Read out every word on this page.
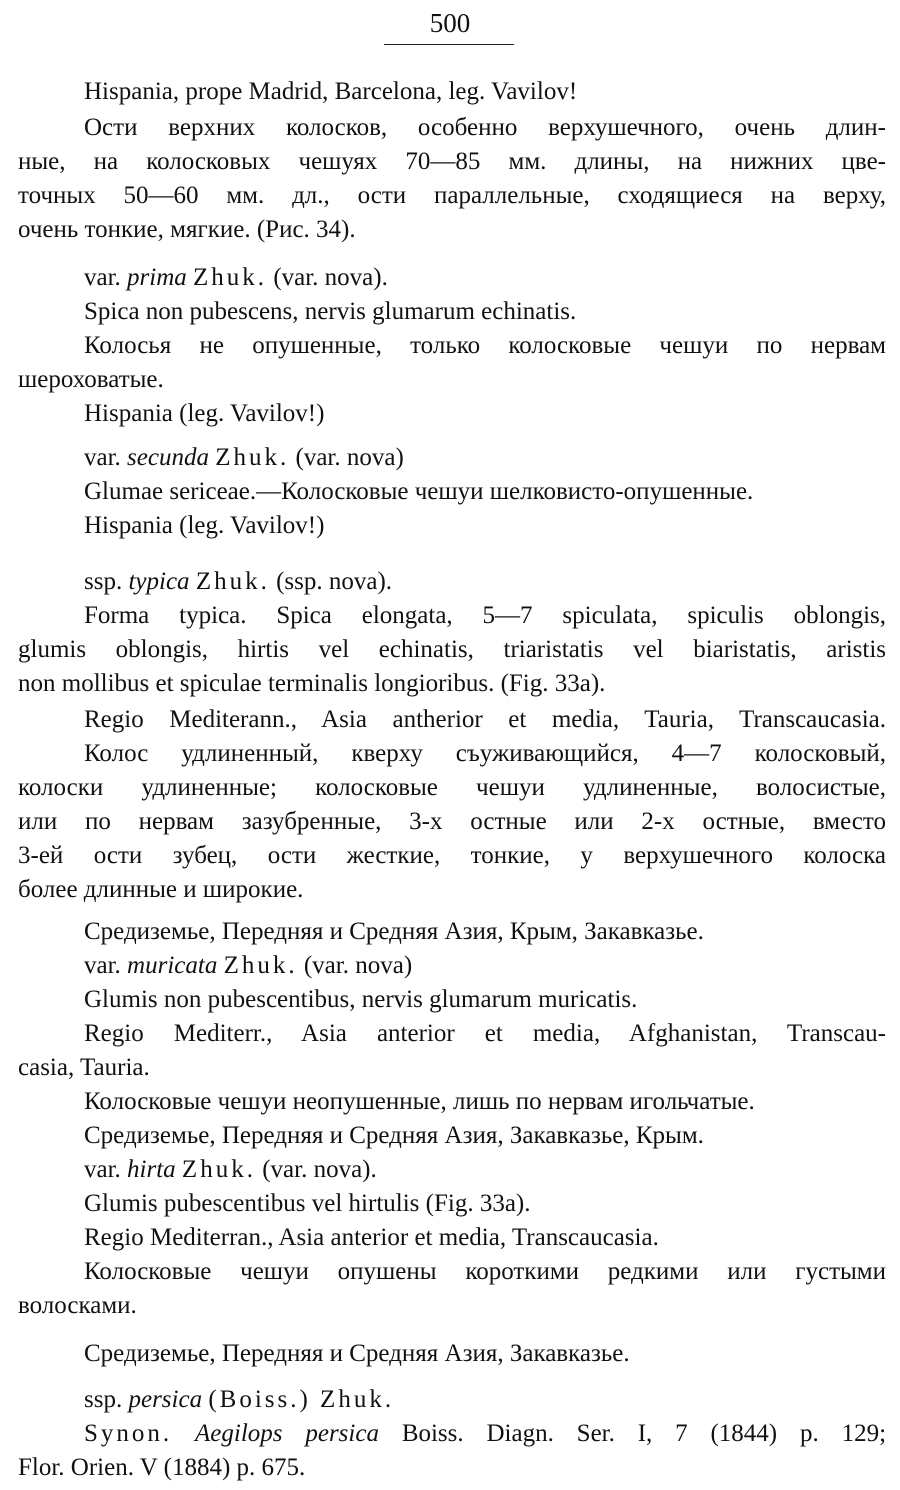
500
Hispania, prope Madrid, Barcelona, leg. Vavilov!
Ости верхних колосков, особенно верхушечного, очень длин-
ные, на колосковых чешуях 70—85 мм. длины, на нижних цве-
точных 50—60 мм. дл., ости параллельные, сходящиеся на верху,
очень тонкие, мягкие. (Рис. 34).
var. prima Zhuk. (var. nova).
Spica non pubescens, nervis glumarum echinatis.
Колосья не опушенные, только колосковые чешуи по нервам
шероховатые.
Hispania (leg. Vavilov!)
var. secunda Zhuk. (var. nova)
Glumae sericeae.—Колосковые чешуи шелковисто-опушенные.
Hispania (leg. Vavilov!)
ssp. typica Zhuk. (ssp. nova).
Forma typica. Spica elongata, 5—7 spiculata, spiculis oblongis,
glumis oblongis, hirtis vel echinatis, triaristatis vel biaristatis, aristis
non mollibus et spiculae terminalis longioribus. (Fig. 33a).
Regio Mediterann., Asia antherior et media, Tauria, Transcaucasia.
Колос удлиненный, кверху съуживающийся, 4—7 колосковый,
колоски удлиненные; колосковые чешуи удлиненные, волосистые,
или по нервам зазубренные, 3-х остные или 2-х остные, вместо
3-ей ости зубец, ости жесткие, тонкие, у верхушечного колоска
более длинные и широкие.
Средиземье, Передняя и Средняя Азия, Крым, Закавказье.
var. muricata Zhuk. (var. nova)
Glumis non pubescentibus, nervis glumarum muricatis.
Regio Mediterr., Asia anterior et media, Afghanistan, Transcau-
casia, Tauria.
Колосковые чешуи неопушенные, лишь по нервам игольчатые.
Средиземье, Передняя и Средняя Азия, Закавказье, Крым.
var. hirta Zhuk. (var. nova).
Glumis pubescentibus vel hirtulis (Fig. 33a).
Regio Mediterran., Asia anterior et media, Transcaucasia.
Колосковые чешуи опушены короткими редкими или густыми
волосками.
Средиземье, Передняя и Средняя Азия, Закавказье.
ssp. persica (Boiss.) Zhuk.
Synon. Aegilops persica Boiss. Diagn. Ser. I, 7 (1844) p. 129;
Flor. Orien. V (1884) p. 675.
